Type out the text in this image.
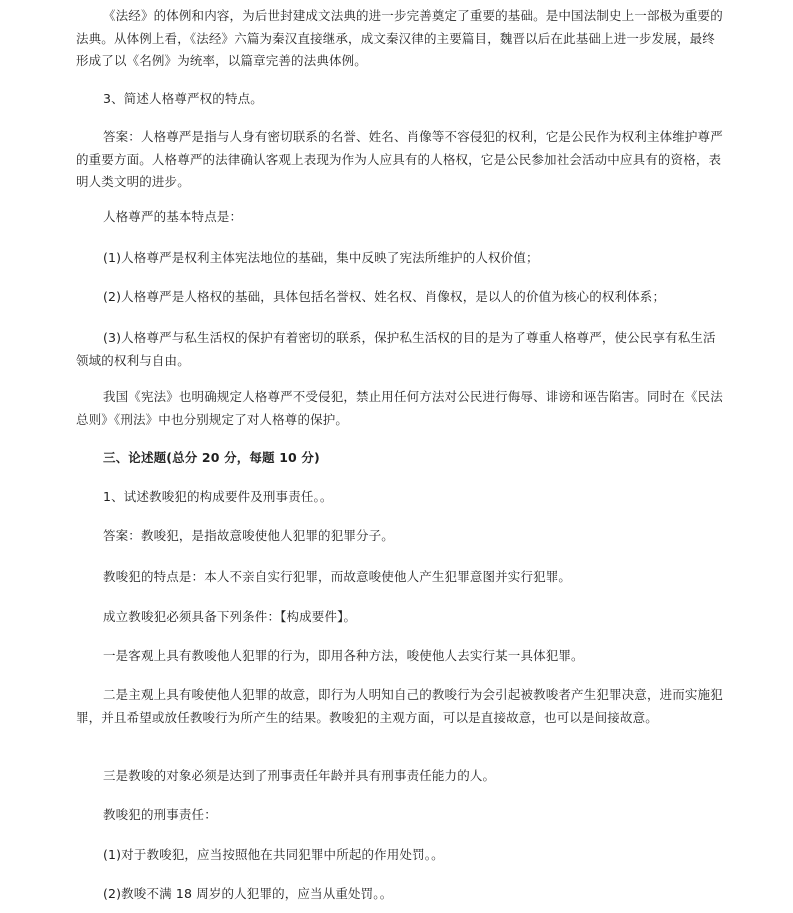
《法经》的体例和内容，为后世封建成文法典的进一步完善奠定了重要的基础。是中国法制史上一部极为重要的法典。从体例上看，《法经》六篇为秦汉直接继承，成文秦汉律的主要篇目，魏晋以后在此基础上进一步发展，最终形成了以《名例》为统率，以篇章完善的法典体例。
3、简述人格尊严权的特点。
答案：人格尊严是指与人身有密切联系的名誉、姓名、肖像等不容侵犯的权利，它是公民作为权利主体维护尊严的重要方面。人格尊严的法律确认客观上表现为作为人应具有的人格权，它是公民参加社会活动中应具有的资格，表明人类文明的进步。
人格尊严的基本特点是：
(1)人格尊严是权利主体宪法地位的基础，集中反映了宪法所维护的人权价值；
(2)人格尊严是人格权的基础，具体包括名誉权、姓名权、肖像权，是以人的价值为核心的权利体系；
(3)人格尊严与私生活权的保护有着密切的联系，保护私生活权的目的是为了尊重人格尊严，使公民享有私生活领域的权利与自由。
我国《宪法》也明确规定人格尊严不受侵犯，禁止用任何方法对公民进行侮辱、诽谤和诬告陷害。同时在《民法总则》《刑法》中也分别规定了对人格尊的保护。
三、论述题(总分 20 分，每题 10 分)
1、试述教唆犯的构成要件及刑事责任。。
答案：教唆犯，是指故意唆使他人犯罪的犯罪分子。
教唆犯的特点是：本人不亲自实行犯罪，而故意唆使他人产生犯罪意图并实行犯罪。
成立教唆犯必须具备下列条件：【构成要件】。
一是客观上具有教唆他人犯罪的行为，即用各种方法，唆使他人去实行某一具体犯罪。
二是主观上具有唆使他人犯罪的故意，即行为人明知自己的教唆行为会引起被教唆者产生犯罪决意，进而实施犯罪，并且希望或放任教唆行为所产生的结果。教唆犯的主观方面，可以是直接故意，也可以是间接故意。
三是教唆的对象必须是达到了刑事责任年龄并具有刑事责任能力的人。
教唆犯的刑事责任：
(1)对于教唆犯，应当按照他在共同犯罪中所起的作用处罚。。
(2)教唆不满 18 周岁的人犯罪的，应当从重处罚。。
